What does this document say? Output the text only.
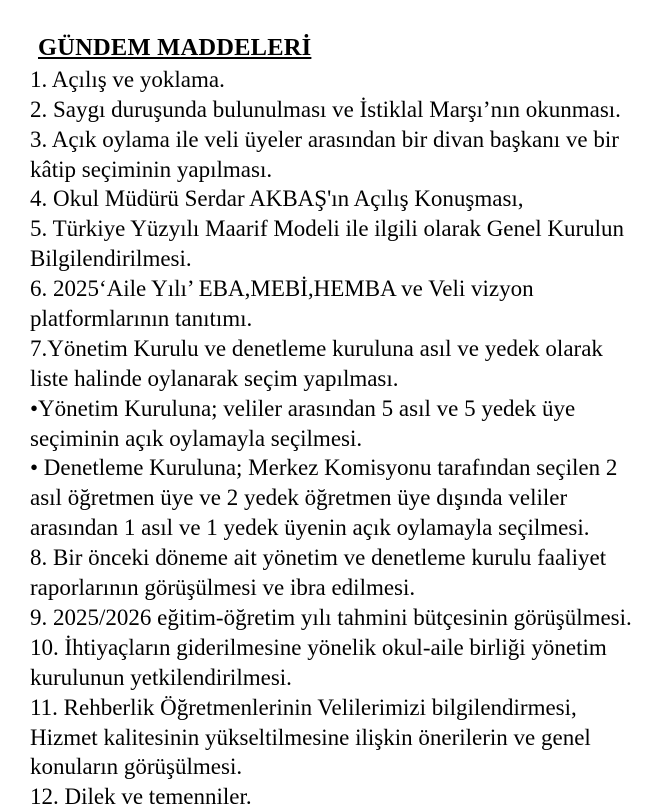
GÜNDEM MADDELERİ

1. Açılış ve yoklama.

2. Saygı duruşunda bulunulması ve İstiklal Marşı’nın okunması.

3. Açık oylama ile veli üyeler arasından bir divan başkanı ve bir kâtip seçiminin yapılması.

4. Okul Müdürü Serdar AKBAŞ'ın Açılış Konuşması,

5. Türkiye Yüzyılı Maarif Modeli ile ilgili olarak Genel Kurulun Bilgilendirilmesi.

6. 2025‘Aile Yılı’ EBA,MEBİ,HEMBA ve Veli vizyon platformlarının tanıtımı.

7.Yönetim Kurulu ve denetleme kuruluna asıl ve yedek olarak liste halinde oylanarak seçim yapılması.

•Yönetim Kuruluna; veliler arasından 5 asıl ve 5 yedek üye seçiminin açık oylamayla seçilmesi.

• Denetleme Kuruluna; Merkez Komisyonu tarafından seçilen 2 asıl öğretmen üye ve 2 yedek öğretmen üye dışında veliler arasından 1 asıl ve 1 yedek üyenin açık oylamayla seçilmesi.

8. Bir önceki döneme ait yönetim ve denetleme kurulu faaliyet raporlarının görüşülmesi ve ibra edilmesi.

9. 2025/2026 eğitim-öğretim yılı tahmini bütçesinin görüşülmesi.

10. İhtiyaçların giderilmesine yönelik okul-aile birliği yönetim kurulunun yetkilendirilmesi.

11. Rehberlik Öğretmenlerinin Velilerimizi bilgilendirmesi, Hizmet kalitesinin yükseltilmesine ilişkin önerilerin ve genel konuların görüşülmesi.

12. Dilek ve temenniler.
